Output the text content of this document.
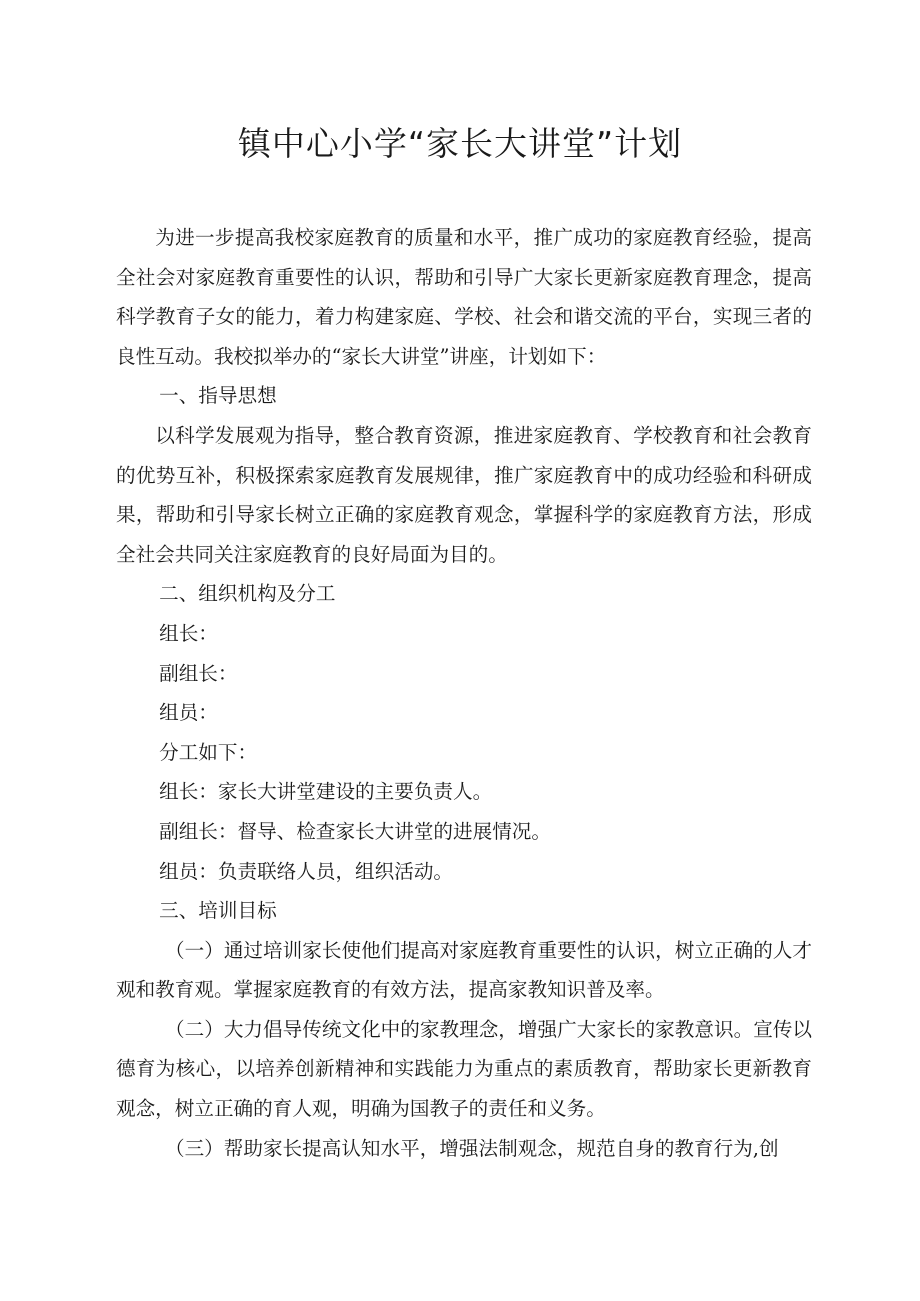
镇中心小学“家长大讲堂”计划

为进一步提高我校家庭教育的质量和水平，推广成功的家庭教育经验，提高全社会对家庭教育重要性的认识，帮助和引导广大家长更新家庭教育理念，提高科学教育子女的能力，着力构建家庭、学校、社会和谐交流的平台，实现三者的良性互动。我校拟举办的“家长大讲堂”讲座，计划如下：

一、指导思想

以科学发展观为指导，整合教育资源，推进家庭教育、学校教育和社会教育的优势互补，积极探索家庭教育发展规律，推广家庭教育中的成功经验和科研成果，帮助和引导家长树立正确的家庭教育观念，掌握科学的家庭教育方法，形成全社会共同关注家庭教育的良好局面为目的。

二、组织机构及分工

组长：

副组长：

组员：

分工如下：

组长：家长大讲堂建设的主要负责人。

副组长：督导、检查家长大讲堂的进展情况。

组员：负责联络人员，组织活动。

三、培训目标

（一）通过培训家长使他们提高对家庭教育重要性的认识，树立正确的人才观和教育观。掌握家庭教育的有效方法，提高家教知识普及率。

（二）大力倡导传统文化中的家教理念，增强广大家长的家教意识。宣传以德育为核心，以培养创新精神和实践能力为重点的素质教育，帮助家长更新教育观念，树立正确的育人观，明确为国教子的责任和义务。

（三）帮助家长提高认知水平，增强法制观念，规范自身的教育行为,创
